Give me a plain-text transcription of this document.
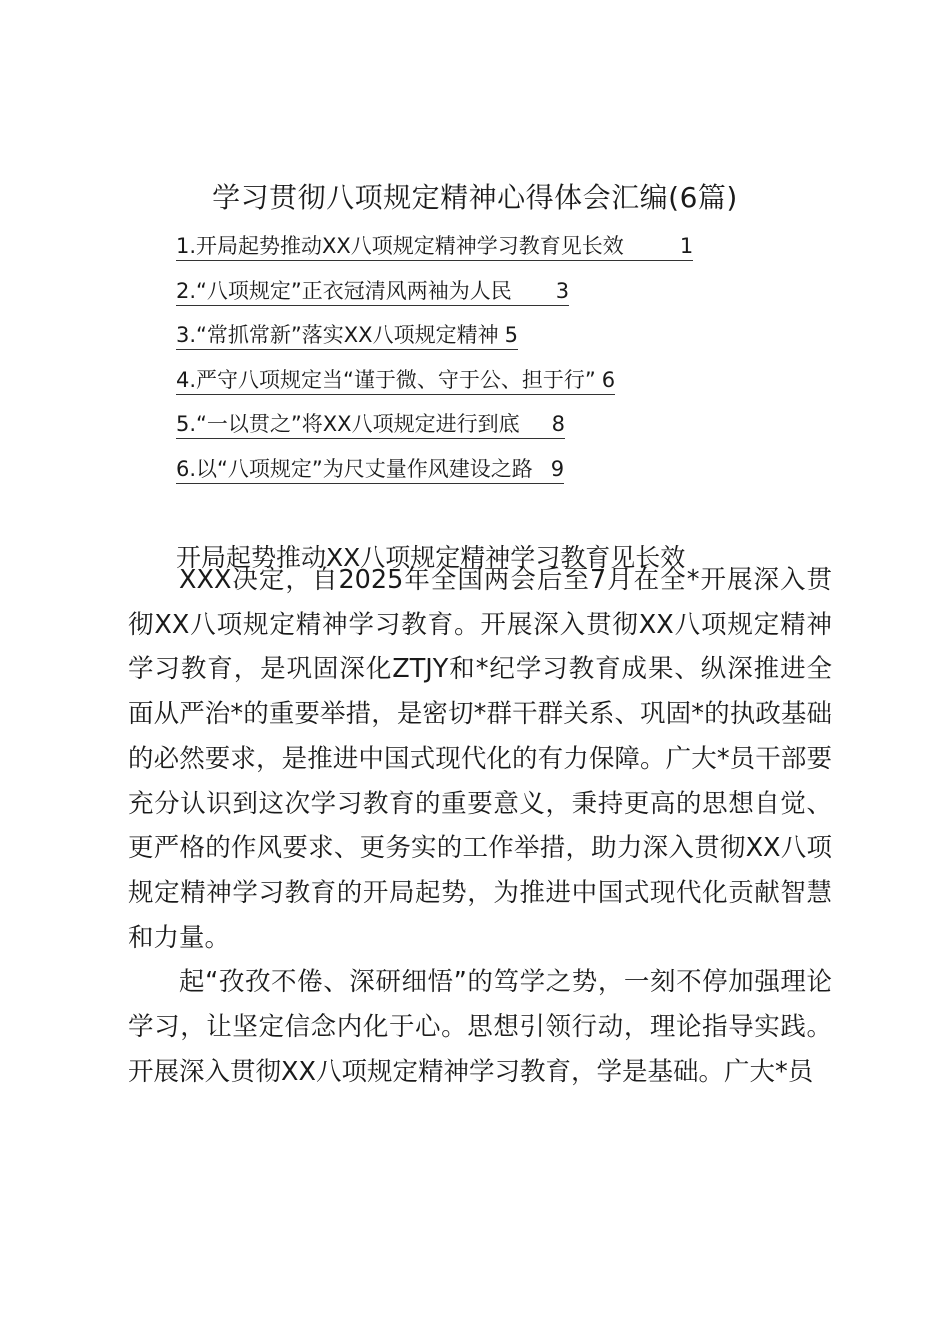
学习贯彻八项规定精神心得体会汇编(6篇)
1.开局起势推动XX八项规定精神学习教育见长效	1
2.“八项规定”正衣冠清风两袖为人民 3
3.“常抓常新”落实XX八项规定精神 5
4.严守八项规定当“谨于微、守于公、担于行” 6
5.“一以贯之”将XX八项规定进行到底 8
6.以“八项规定”为尺丈量作风建设之路 9
开局起势推动XX八项规定精神学习教育见长效

XXX决定，自2025年全国两会后至7月在全*开展深入贯彻XX八项规定精神学习教育。开展深入贯彻XX八项规定精神学习教育，是巩固深化ZTJY和*纪学习教育成果、纵深推进全面从严治*的重要举措，是密切*群干群关系、巩固*的执政基础的必然要求，是推进中国式现代化的有力保障。广大*员干部要充分认识到这次学习教育的重要意义，秉持更高的思想自觉、更严格的作风要求、更务实的工作举措，助力深入贯彻XX八项规定精神学习教育的开局起势，为推进中国式现代化贡献智慧和力量。

起“孜孜不倦、深研细悟”的笃学之势，一刻不停加强理论学习，让坚定信念内化于心。思想引领行动，理论指导实践。开展深入贯彻XX八项规定精神学习教育，学是基础。广大*员
